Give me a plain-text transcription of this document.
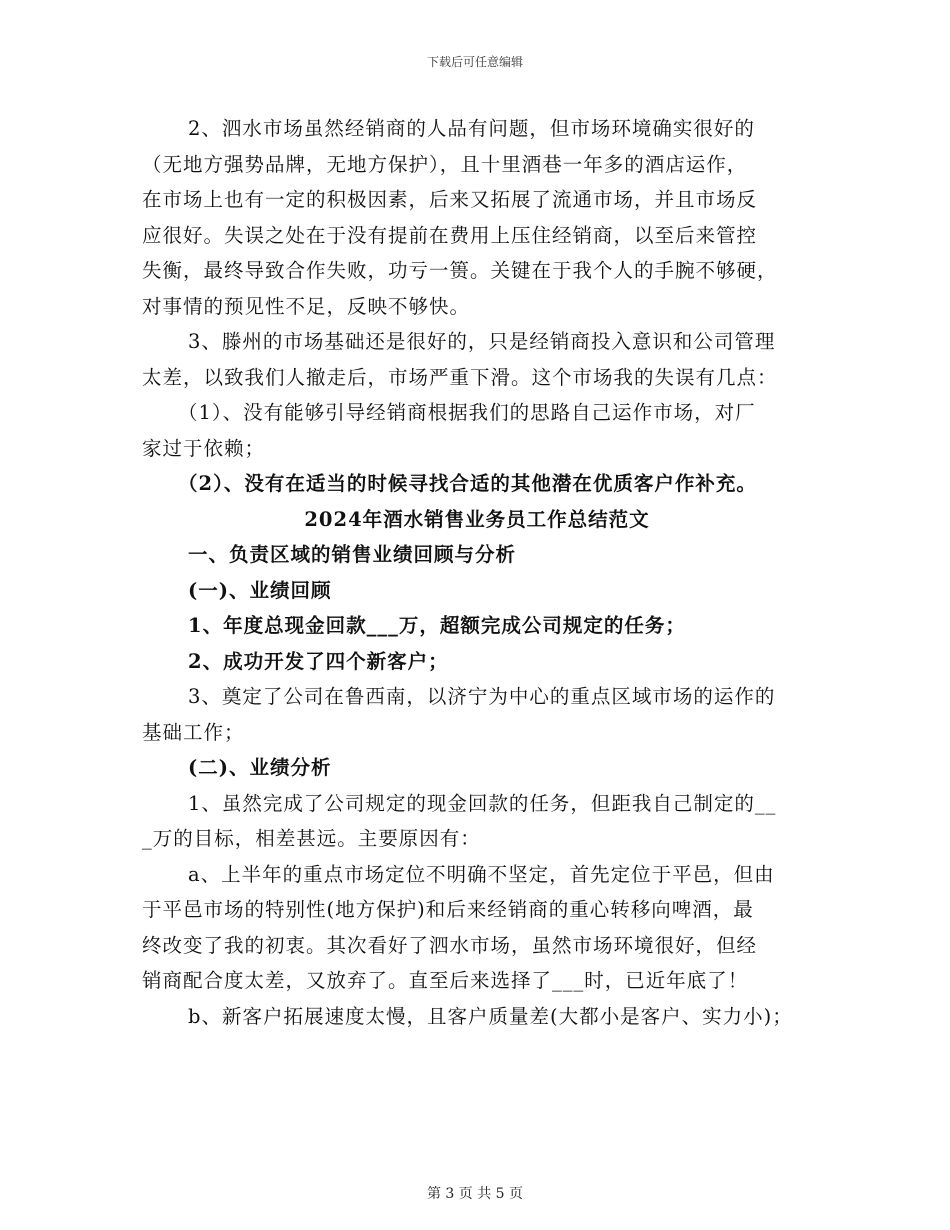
下载后可任意编辑

2、泗水市场虽然经销商的人品有问题，但市场环境确实很好的

（无地方强势品牌，无地方保护），且十里酒巷一年多的酒店运作，

在市场上也有一定的积极因素，后来又拓展了流通市场，并且市场反

应很好。失误之处在于没有提前在费用上压住经销商，以至后来管控

失衡，最终导致合作失败，功亏一篑。关键在于我个人的手腕不够硬，

对事情的预见性不足，反映不够快。

3、滕州的市场基础还是很好的，只是经销商投入意识和公司管理

太差，以致我们人撤走后，市场严重下滑。这个市场我的失误有几点：

（1）、没有能够引导经销商根据我们的思路自己运作市场，对厂

家过于依赖；

（2）、没有在适当的时候寻找合适的其他潜在优质客户作补充。

2024年酒水销售业务员工作总结范文

一、负责区域的销售业绩回顾与分析

(一)、业绩回顾

1、年度总现金回款___万，超额完成公司规定的任务；

2、成功开发了四个新客户；

3、奠定了公司在鲁西南，以济宁为中心的重点区域市场的运作的

基础工作；

(二)、业绩分析

1、虽然完成了公司规定的现金回款的任务，但距我自己制定的__

_万的目标，相差甚远。主要原因有：

a、上半年的重点市场定位不明确不坚定，首先定位于平邑，但由

于平邑市场的特别性(地方保护)和后来经销商的重心转移向啤酒，最

终改变了我的初衷。其次看好了泗水市场，虽然市场环境很好，但经

销商配合度太差，又放弃了。直至后来选择了___时，已近年底了！

b、新客户拓展速度太慢，且客户质量差(大都小是客户、实力小)；

第 3 页 共 5 页
